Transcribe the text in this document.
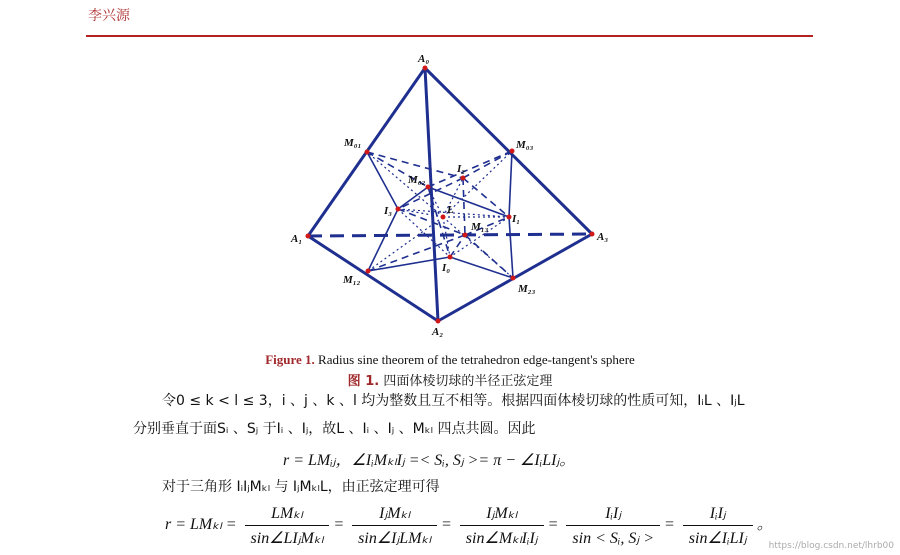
李兴源
A₀
A₁
A₂
A₃
M₀₁
M₀₂
M₀₃
M₁₂
M₁₃
M₂₃
I₀
I₁
I₂
I₃	L
Figure 1. Radius sine theorem of the tetrahedron edge-tangent's sphere
图 1. 四面体棱切球的半径正弦定理
令0 ≤ k < l ≤ 3，i 、j 、k 、l 均为整数且互不相等。根据四面体棱切球的性质可知，IᵢL 、IⱼL
分别垂直于面Sᵢ 、Sⱼ 于Iᵢ 、Iⱼ，故L 、Iᵢ 、Iⱼ 、Mₖₗ 四点共圆。因此
r = LMᵢⱼ，∠IᵢMₖₗIⱼ =< Sᵢ, Sⱼ >= π − ∠IᵢLIⱼ。
对于三角形 IᵢIⱼMₖₗ 与 IⱼMₖₗL，由正弦定理可得
$r = LM_{kl} = \frac{\text{LMₖₗ}}{\text{sin∠LIⱼMₖₗ}} = \frac{\text{IⱼMₖₗ}}{\text{sin∠IⱼLMₖₗ}} = \frac{\text{IⱼMₖₗ}}{\text{sin∠MₖₗIᵢIⱼ}} = \frac{\text{IᵢIⱼ}}{\text{sin < Sᵢ, Sⱼ >}} = \frac{\text{IᵢIⱼ}}{\text{sin∠IᵢLIⱼ}}$ 。
https://blog.csdn.net/lhrb00
